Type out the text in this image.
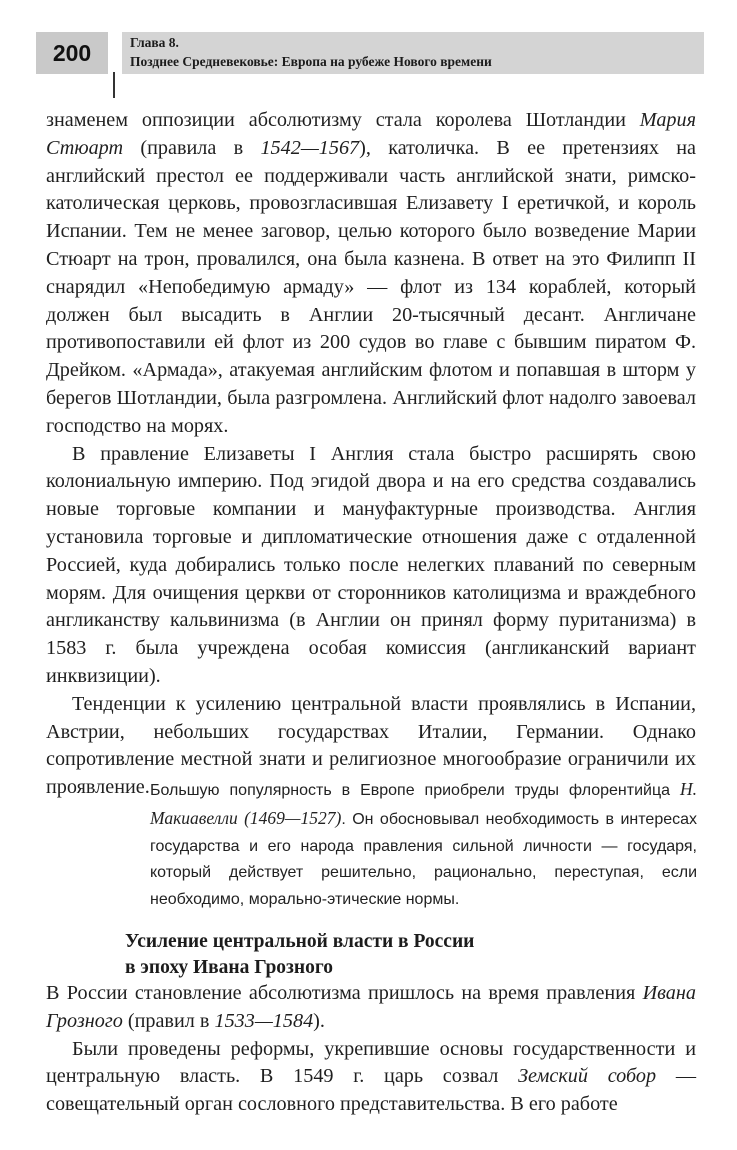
200	Глава 8.
Позднее Средневековье: Европа на рубеже Нового времени

знаменем оппозиции абсолютизму стала королева Шотландии Мария Стюарт (правила в 1542—1567), католичка. В ее претензиях на английский престол ее поддерживали часть английской знати, римско-католическая церковь, провозгласившая Елизавету I еретичкой, и король Испании. Тем не менее заговор, целью которого было возведение Марии Стюарт на трон, провалился, она была казнена. В ответ на это Филипп II снарядил «Непобедимую армаду» — флот из 134 кораблей, который должен был высадить в Англии 20-тысячный десант. Англичане противопоставили ей флот из 200 судов во главе с бывшим пиратом Ф. Дрейком. «Армада», атакуемая английским флотом и попавшая в шторм у берегов Шотландии, была разгромлена. Английский флот надолго завоевал господство на морях.

В правление Елизаветы I Англия стала быстро расширять свою колониальную империю. Под эгидой двора и на его средства создавались новые торговые компании и мануфактурные производства. Англия установила торговые и дипломатические отношения даже с отдаленной Россией, куда добирались только после нелегких плаваний по северным морям. Для очищения церкви от сторонников католицизма и враждебного англиканству кальвинизма (в Англии он принял форму пуританизма) в 1583 г. была учреждена особая комиссия (англиканский вариант инквизиции).

Тенденции к усилению центральной власти проявлялись в Испании, Австрии, небольших государствах Италии, Германии. Однако сопротивление местной знати и религиозное многообразие ограничили их проявление. Большую популярность в Европе приобрели труды флорентийца Н. Макиавелли (1469—1527). Он обосновывал необходимость в интересах государства и его народа правления сильной личности — государя, который действует решительно, рационально, переступая, если необходимо, морально-этические нормы.
Усиление центральной власти в России
в эпоху Ивана Грозного

В России становление абсолютизма пришлось на время правления Ивана Грозного (правил в 1533—1584).

Были проведены реформы, укрепившие основы государственности и центральную власть. В 1549 г. царь созвал Земский собор — совещательный орган сословного представительства. В его работе
